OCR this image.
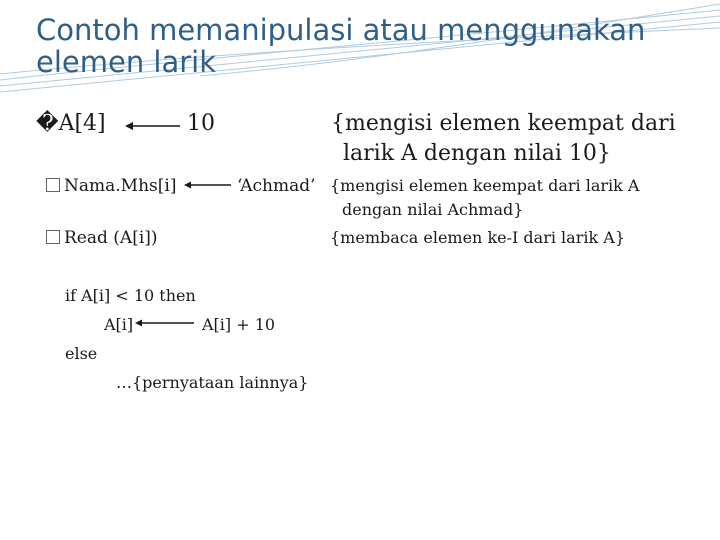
Contoh memanipulasi atau menggunakan elemen larik
�A[4]	10	{mengisi elemen keempat dari
larik A dengan nilai 10}
Nama.Mhs[i]	‘Achmad’ {mengisi elemen keempat dari larik A
dengan nilai Achmad}
Read (A[i])	{membaca elemen ke-I dari larik A}
if A[i] < 10 then
A[i]	A[i] + 10
else
…{pernyataan lainnya}
